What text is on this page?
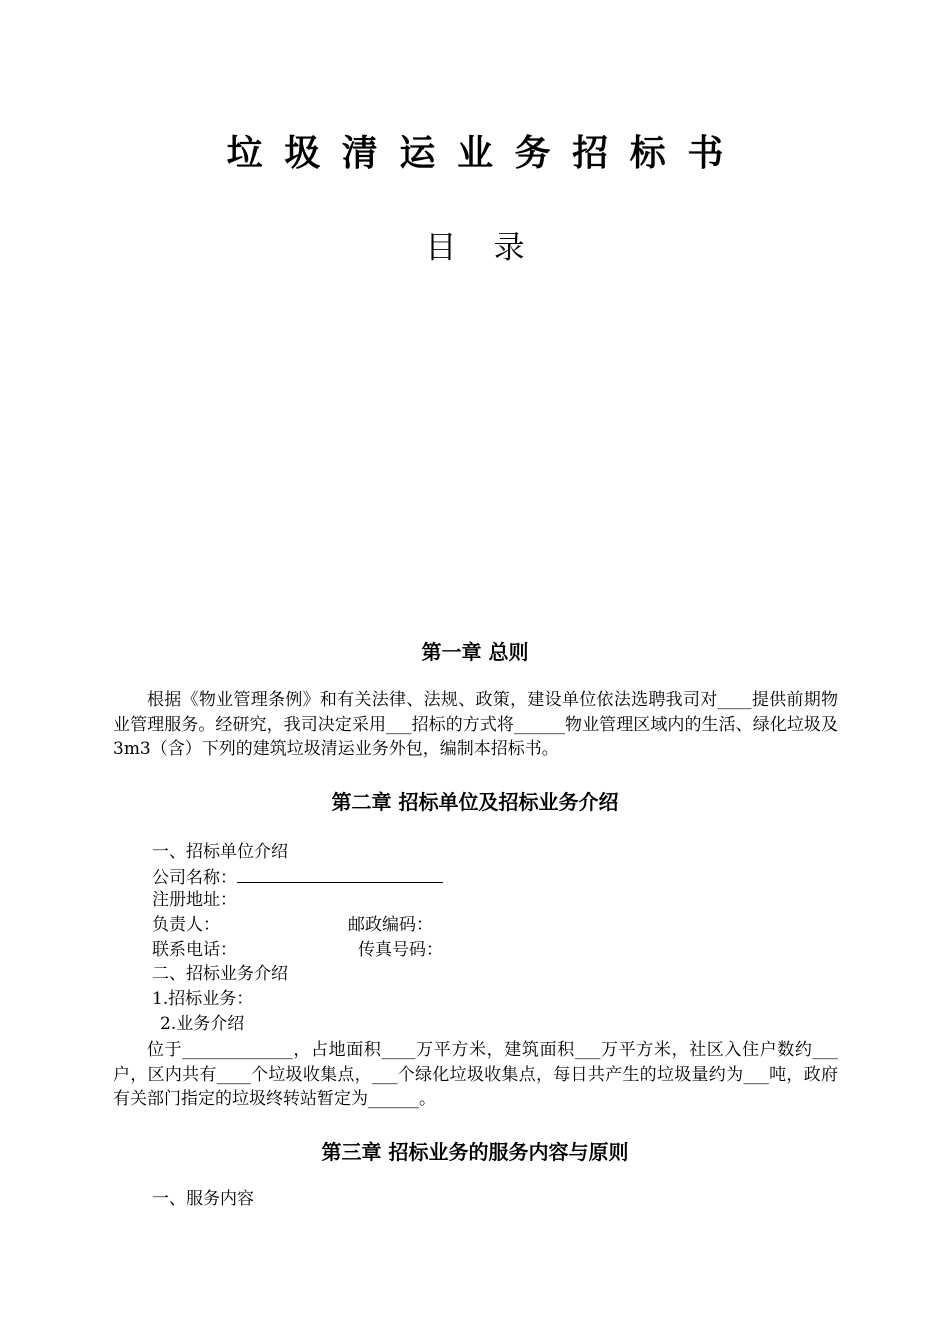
垃圾清运业务招标书
目录
第一章 总则
根据《物业管理条例》和有关法律、法规、政策，建设单位依法选聘我司对____提供前期物业管理服务。经研究，我司决定采用___招标的方式将______物业管理区域内的生活、绿化垃圾及3m3（含）下列的建筑垃圾清运业务外包，编制本招标书。
第二章 招标单位及招标业务介绍
一、招标单位介绍
公司名称：
注册地址：
负责人：	邮政编码：
联系电话：	传真号码：
二、招标业务介绍
1.招标业务：
2.业务介绍
位于_____________，占地面积____万平方米，建筑面积___万平方米，社区入住户数约___户，区内共有____个垃圾收集点，___个绿化垃圾收集点，每日共产生的垃圾量约为___吨，政府有关部门指定的垃圾终转站暂定为______。
第三章 招标业务的服务内容与原则
一、服务内容
